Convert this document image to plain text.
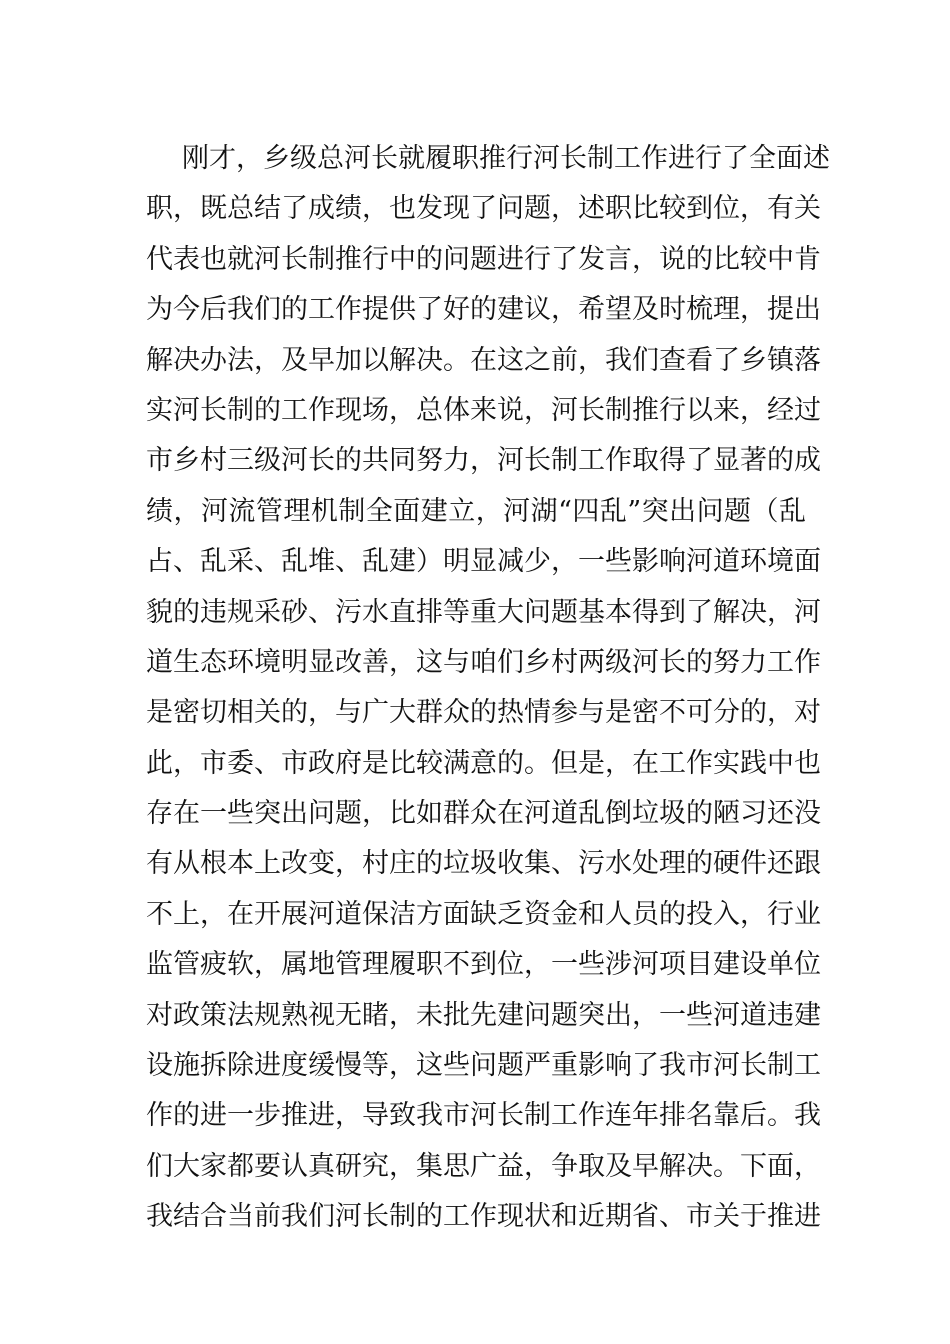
刚才，乡级总河长就履职推行河长制工作进行了全面述
职，既总结了成绩，也发现了问题，述职比较到位，有关
代表也就河长制推行中的问题进行了发言，说的比较中肯
为今后我们的工作提供了好的建议，希望及时梳理，提出
解决办法，及早加以解决。在这之前，我们查看了乡镇落
实河长制的工作现场，总体来说，河长制推行以来，经过
市乡村三级河长的共同努力，河长制工作取得了显著的成
绩，河流管理机制全面建立，河湖“四乱”突出问题（乱
占、乱采、乱堆、乱建）明显减少，一些影响河道环境面
貌的违规采砂、污水直排等重大问题基本得到了解决，河
道生态环境明显改善，这与咱们乡村两级河长的努力工作
是密切相关的，与广大群众的热情参与是密不可分的，对
此，市委、市政府是比较满意的。但是，在工作实践中也
存在一些突出问题，比如群众在河道乱倒垃圾的陋习还没
有从根本上改变，村庄的垃圾收集、污水处理的硬件还跟
不上，在开展河道保洁方面缺乏资金和人员的投入，行业
监管疲软，属地管理履职不到位，一些涉河项目建设单位
对政策法规熟视无睹，未批先建问题突出，一些河道违建
设施拆除进度缓慢等，这些问题严重影响了我市河长制工
作的进一步推进，导致我市河长制工作连年排名靠后。我
们大家都要认真研究，集思广益，争取及早解决。下面，
我结合当前我们河长制的工作现状和近期省、市关于推进
